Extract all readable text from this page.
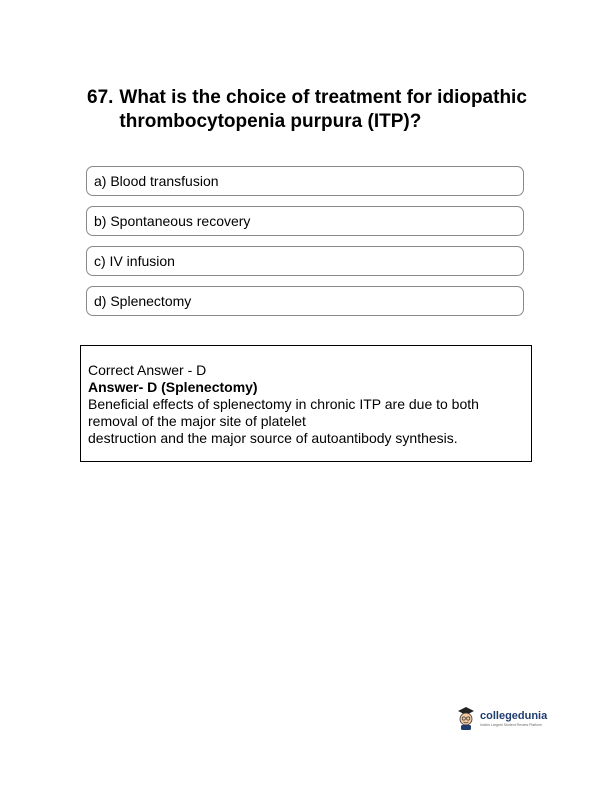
67. What is the choice of treatment for idiopathic thrombocytopenia purpura (ITP)?
a) Blood transfusion
b) Spontaneous recovery
c) IV infusion
d) Splenectomy
Correct Answer - D
Answer- D (Splenectomy)
Beneficial effects of splenectomy in chronic ITP are due to both
removal of the major site of platelet
destruction and the major source of autoantibody synthesis.
collegedunia
India's Largest Student Review Platform
